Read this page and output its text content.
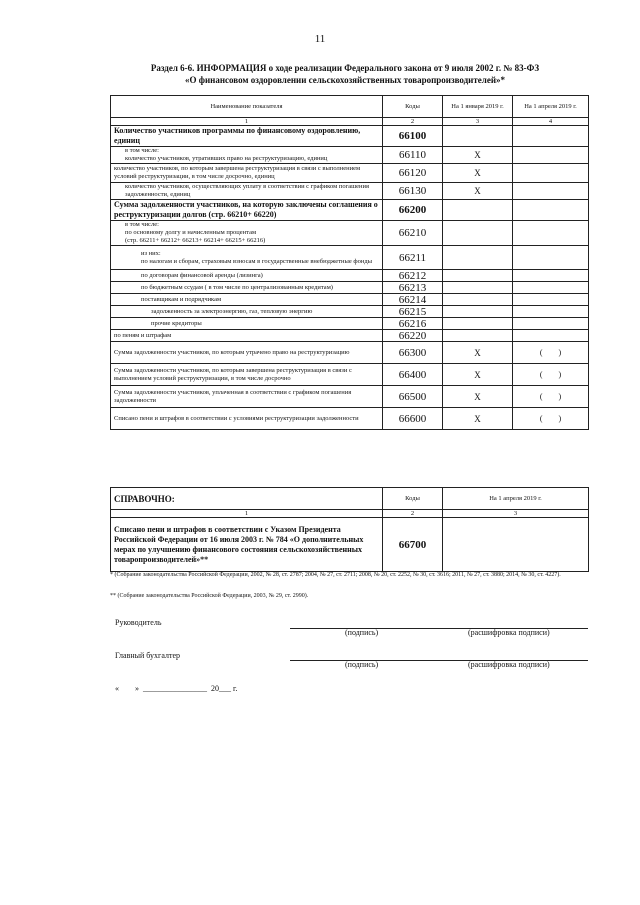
11
Раздел 6-6. ИНФОРМАЦИЯ о ходе реализации Федерального закона от 9 июля 2002 г. № 83-ФЗ
«О финансовом оздоровлении сельскохозяйственных товаропроизводителей»*
Наименование показателя	Коды	На 1 января 2019 г.	На 1 апреля 2019 г.
1	2	3	4
Количество участников программы по финансовому оздоровлению, единиц	66100		
в том числе:
количество участников, утративших право на реструктуризацию, единиц	66110	Х	
количество участников, по которым завершена реструктуризация в связи с выполнением условий реструктуризации, в том числе досрочно, единиц	66120	Х	
количество участников, осуществляющих уплату в соответствии с графиком погашения задолженности, единиц	66130	Х	
Сумма задолженности участников, на которую заключены соглашения о реструктуризации долгов (стр. 66210+ 66220)	66200		
в том числе:
по основному долгу и начисленным процентам
(стр. 66211+ 66212+ 66213+ 66214+ 66215+ 66216)	66210		
из них:
по налогам и сборам, страховым взносам в государственные внебюджетные фонды	66211		
по договорам финансовой аренды (лизинга)	66212		
по бюджетным ссудам ( в том числе по централизованным кредитам)	66213		
поставщикам и подрядчикам	66214		
задолженность за электроэнергию, газ, тепловую энергию	66215		
прочие кредиторы	66216		
по пеням и штрафам	66220		
Сумма задолженности участников, по которым утрачено право на реструктуризацию	66300	Х	(        )
Сумма задолженности участников, по которым завершена реструктуризация в связи с выполнением условий реструктуризации, в том числе досрочно	66400	Х	(        )
Сумма задолженности участников, уплаченная в соответствии с графиком погашения задолженности	66500	Х	(        )
Списано пени и штрафов в соответствии с условиями реструктуризации задолженности	66600	Х	(        )
СПРАВОЧНО:	Коды	На 1 апреля 2019 г.
1	2	3
Списано пени и штрафов в соответствии с Указом Президента Российской Федерации от 16 июля 2003 г. № 784 «О дополнительных мерах по улучшению финансового состояния сельскохозяйственных товаропроизводителей»**	66700	
* (Собрание законодательства Российской Федерации, 2002, № 28, ст. 2787; 2004, № 27, ст. 2711; 2008, № 20, ст. 2252, № 30, ст. 3616; 2011, № 27, ст. 3880; 2014, № 30, ст. 4227).
** (Собрание законодательства Российской Федерации, 2003, № 29, ст. 2990).
Руководитель
(подпись)	(расшифровка подписи)
Главный бухгалтер
(подпись)	(расшифровка подписи)
«        »  ________________  20___ г.
